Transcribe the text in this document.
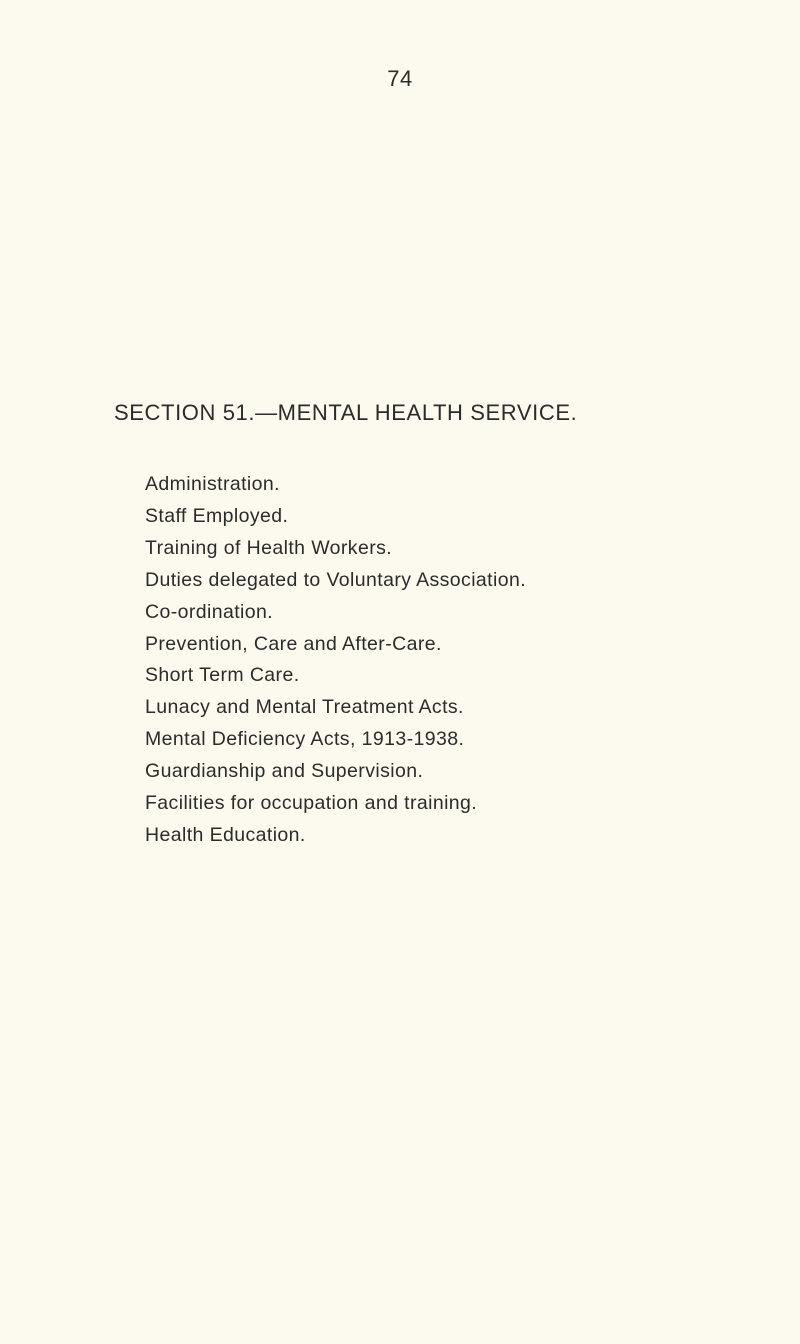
74
SECTION 51.—MENTAL HEALTH SERVICE.
Administration.
Staff Employed.
Training of Health Workers.
Duties delegated to Voluntary Association.
Co-ordination.
Prevention, Care and After-Care.
Short Term Care.
Lunacy and Mental Treatment Acts.
Mental Deficiency Acts, 1913-1938.
Guardianship and Supervision.
Facilities for occupation and training.
Health Education.
